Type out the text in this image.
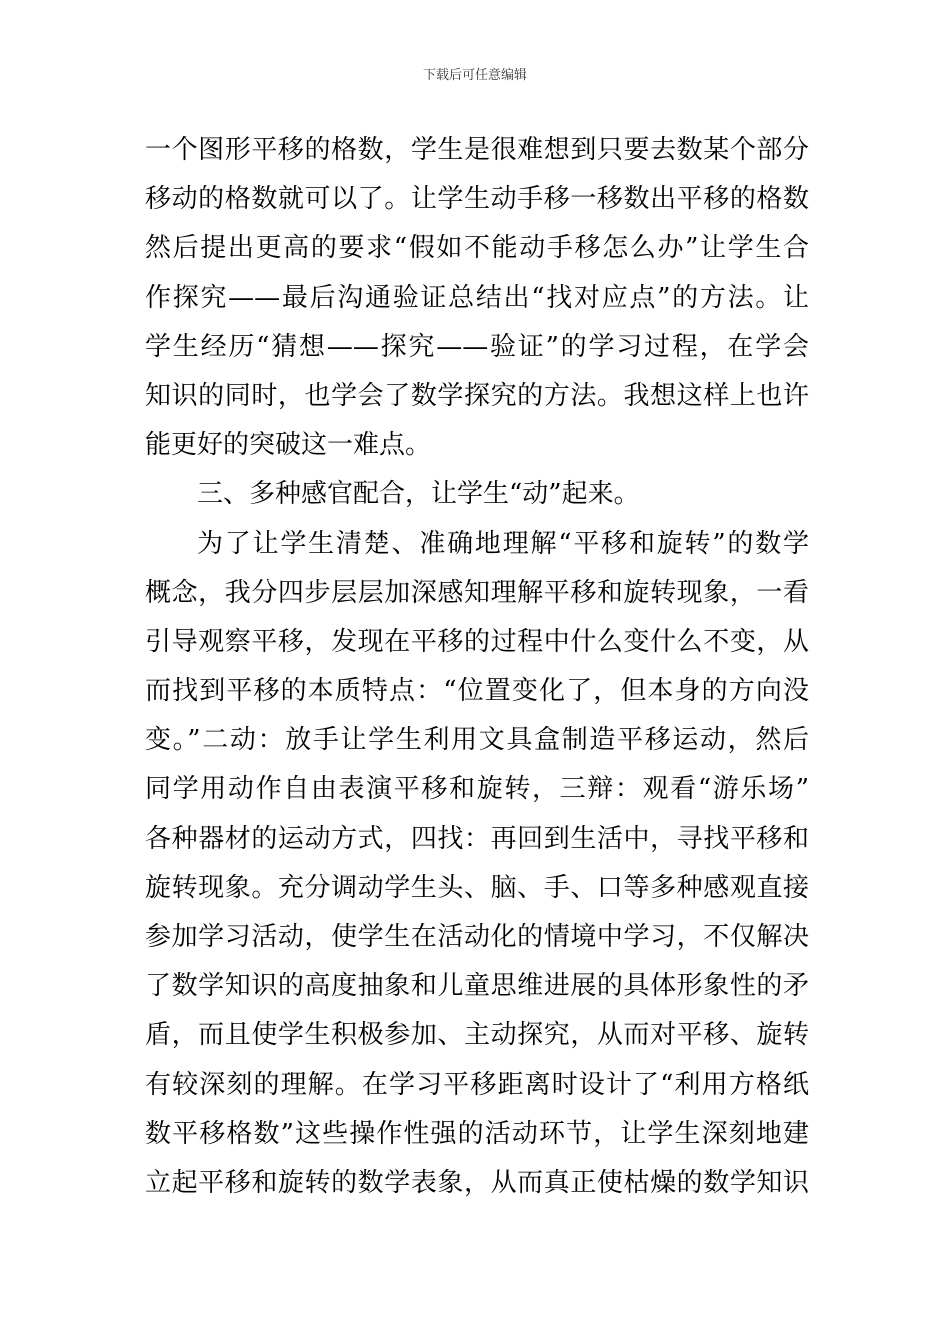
下载后可任意编辑
一个图形平移的格数，学生是很难想到只要去数某个部分
移动的格数就可以了。让学生动手移一移数出平移的格数
然后提出更高的要求“假如不能动手移怎么办”让学生合
作探究——最后沟通验证总结出“找对应点”的方法。让
学生经历“猜想——探究——验证”的学习过程，在学会
知识的同时，也学会了数学探究的方法。我想这样上也许
能更好的突破这一难点。
三、多种感官配合，让学生“动”起来。
为了让学生清楚、准确地理解“平移和旋转”的数学
概念，我分四步层层加深感知理解平移和旋转现象，一看
引导观察平移，发现在平移的过程中什么变什么不变，从
而找到平移的本质特点：“位置变化了，但本身的方向没
变。”二动：放手让学生利用文具盒制造平移运动，然后
同学用动作自由表演平移和旋转，三辩：观看“游乐场”
各种器材的运动方式，四找：再回到生活中，寻找平移和
旋转现象。充分调动学生头、脑、手、口等多种感观直接
参加学习活动，使学生在活动化的情境中学习，不仅解决
了数学知识的高度抽象和儿童思维进展的具体形象性的矛
盾，而且使学生积极参加、主动探究，从而对平移、旋转
有较深刻的理解。在学习平移距离时设计了“利用方格纸
数平移格数”这些操作性强的活动环节，让学生深刻地建
立起平移和旋转的数学表象，从而真正使枯燥的数学知识
